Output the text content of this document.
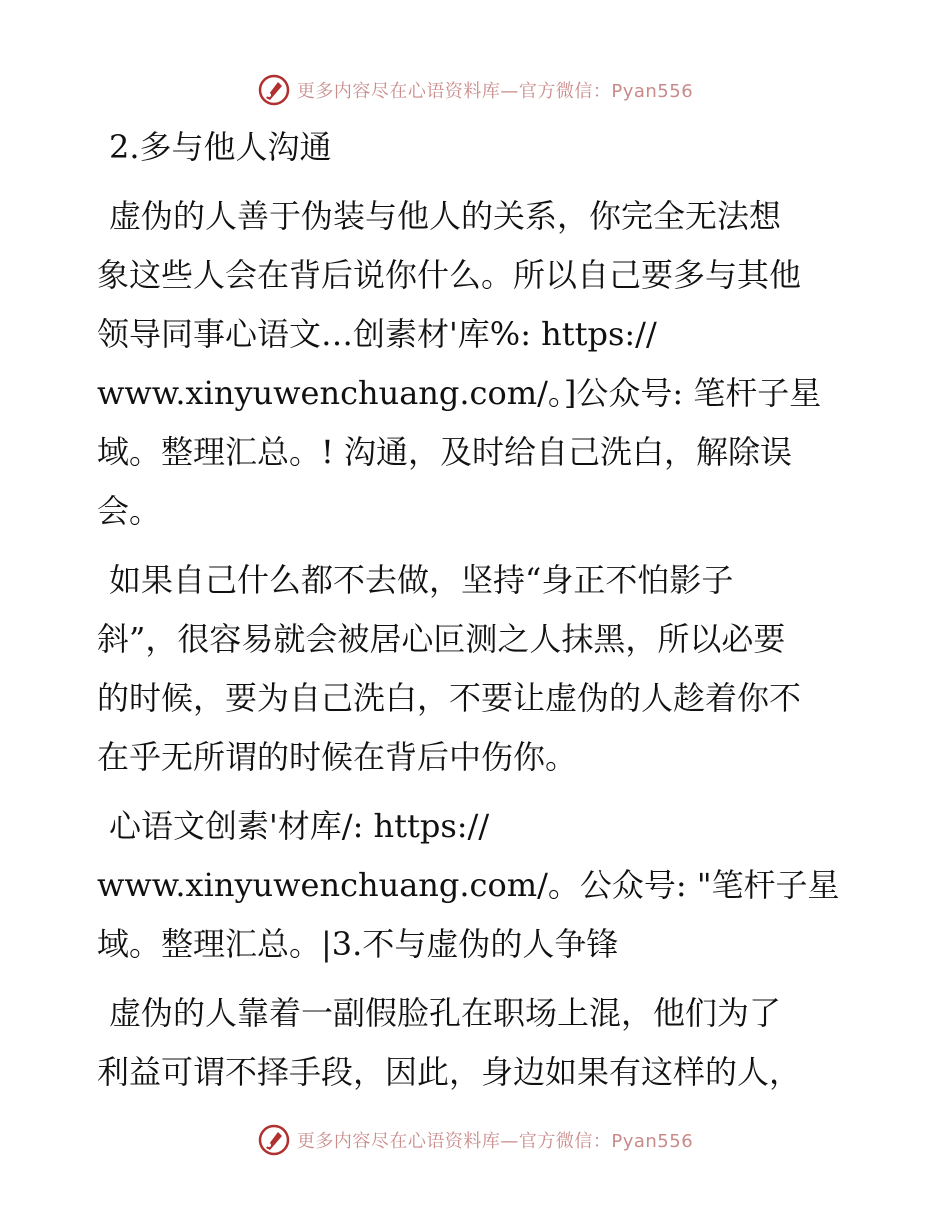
更多内容尽在心语资料库—官方微信：Pyan556

2.多与他人沟通

虚伪的人善于伪装与他人的关系，你完全无法想
象这些人会在背后说你什么。所以自己要多与其他
领导同事心语文…创素材'库%: https://
www.xinyuwenchuang.com/。]公众号: 笔杆子星
域。整理汇总。! 沟通，及时给自己洗白，解除误
会。

如果自己什么都不去做，坚持“身正不怕影子
斜”，很容易就会被居心叵测之人抹黑，所以必要
的时候，要为自己洗白，不要让虚伪的人趁着你不
在乎无所谓的时候在背后中伤你。

心语文创素'材库/: https://
www.xinyuwenchuang.com/。公众号: "笔杆子星
域。整理汇总。|3.不与虚伪的人争锋

虚伪的人靠着一副假脸孔在职场上混，他们为了
利益可谓不择手段，因此，身边如果有这样的人，

更多内容尽在心语资料库—官方微信：Pyan556
